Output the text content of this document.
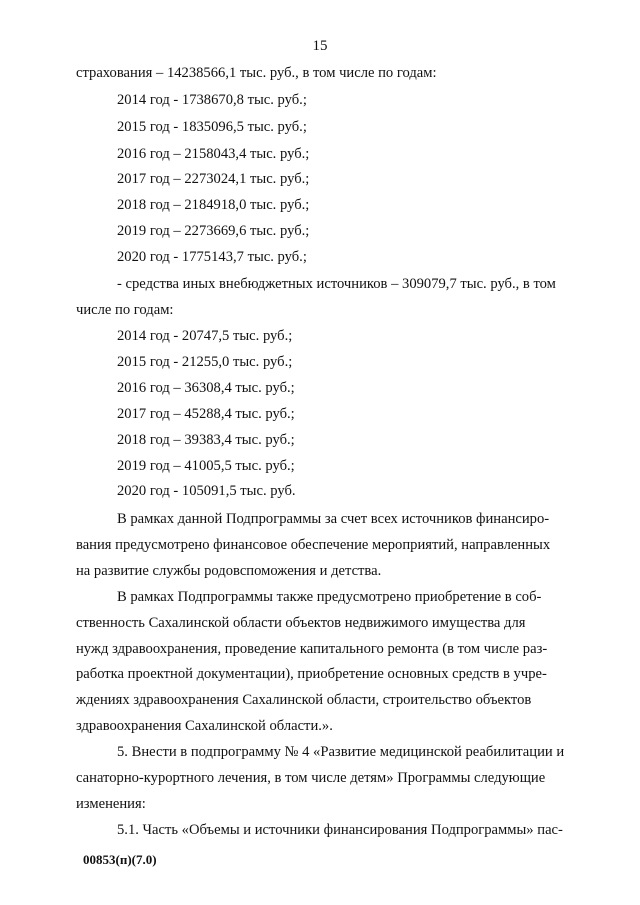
15
страхования – 14238566,1 тыс. руб., в том числе по годам:
2014 год - 1738670,8 тыс. руб.;
2015 год - 1835096,5 тыс. руб.;
2016 год – 2158043,4 тыс. руб.;
2017 год – 2273024,1 тыс. руб.;
2018 год – 2184918,0 тыс. руб.;
2019 год – 2273669,6 тыс. руб.;
2020 год - 1775143,7 тыс. руб.;
- средства иных внебюджетных источников – 309079,7 тыс. руб., в том
числе по годам:
2014 год - 20747,5 тыс. руб.;
2015 год - 21255,0 тыс. руб.;
2016 год – 36308,4 тыс. руб.;
2017 год – 45288,4 тыс. руб.;
2018 год – 39383,4 тыс. руб.;
2019 год – 41005,5 тыс. руб.;
2020 год - 105091,5 тыс. руб.
В рамках данной Подпрограммы за счет всех источников финансиро-
вания предусмотрено финансовое обеспечение мероприятий, направленных
на развитие службы родовспоможения и детства.
В рамках Подпрограммы также предусмотрено приобретение в соб-
ственность Сахалинской области объектов недвижимого имущества для
нужд здравоохранения, проведение капитального ремонта (в том числе раз-
работка проектной документации), приобретение основных средств в учре-
ждениях здравоохранения Сахалинской области, строительство объектов
здравоохранения Сахалинской области.».
5. Внести в подпрограмму № 4 «Развитие медицинской реабилитации и
санаторно-курортного лечения, в том числе детям» Программы следующие
изменения:
5.1. Часть «Объемы и источники финансирования Подпрограммы» пас-
00853(п)(7.0)
